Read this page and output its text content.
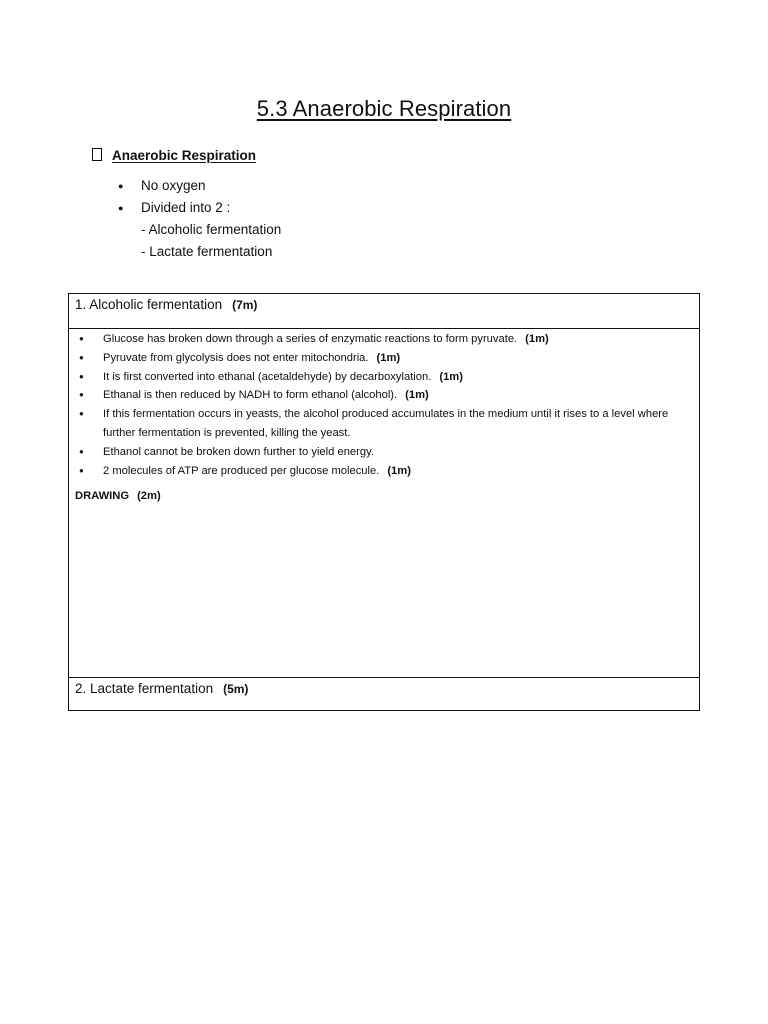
5.3 Anaerobic Respiration
Anaerobic Respiration
● No oxygen
● Divided into 2 :
- Alcoholic fermentation
- Lactate fermentation
1. Alcoholic fermentation (7m)
● Glucose has broken down through a series of enzymatic reactions to form pyruvate. (1m)
● Pyruvate from glycolysis does not enter mitochondria. (1m)
● It is first converted into ethanal (acetaldehyde) by decarboxylation. (1m)
● Ethanal is then reduced by NADH to form ethanol (alcohol). (1m)
● If this fermentation occurs in yeasts, the alcohol produced accumulates in the medium until it rises to a level where further fermentation is prevented, killing the yeast.
● Ethanol cannot be broken down further to yield energy.
● 2 molecules of ATP are produced per glucose molecule. (1m)
DRAWING (2m)
2. Lactate fermentation (5m)
